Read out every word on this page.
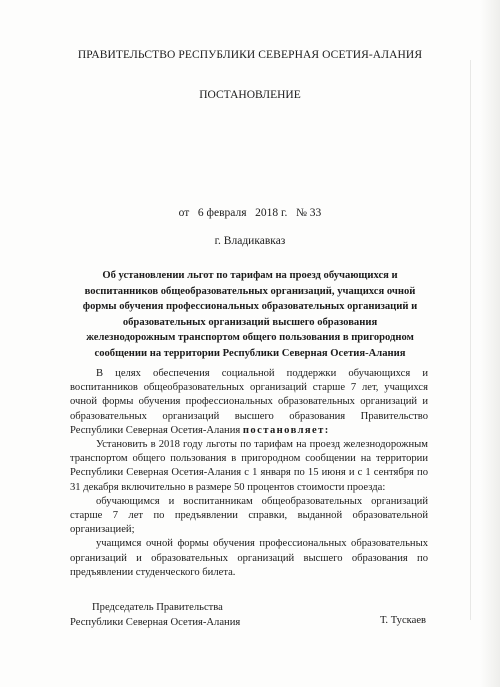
ПРАВИТЕЛЬСТВО РЕСПУБЛИКИ СЕВЕРНАЯ ОСЕТИЯ-АЛАНИЯ
ПОСТАНОВЛЕНИЕ
от 6 февраля 2018 г. № 33
г. Владикавказ
Об установлении льгот по тарифам на проезд обучающихся и
воспитанников общеобразовательных организаций, учащихся очной
формы обучения профессиональных образовательных организаций и
образовательных организаций высшего образования
железнодорожным транспортом общего пользования в пригородном
сообщении на территории Республики Северная Осетия-Алания

В целях обеспечения социальной поддержки обучающихся и воспитанников общеобразовательных организаций старше 7 лет, учащихся очной формы обучения профессиональных образовательных организаций и образовательных организаций высшего образования Правительство Республики Северная Осетия-Алания постановляет:

Установить в 2018 году льготы по тарифам на проезд железнодорожным транспортом общего пользования в пригородном сообщении на территории Республики Северная Осетия-Алания с 1 января по 15 июня и с 1 сентября по 31 декабря включительно в размере 50 процентов стоимости проезда:

обучающимся и воспитанникам общеобразовательных организаций старше 7 лет по предъявлении справки, выданной образовательной организацией;

учащимся очной формы обучения профессиональных образовательных организаций и образовательных организаций высшего образования по предъявлении студенческого билета.

Председатель Правительства
Республики Северная Осетия-Алания	Т. Тускаев
